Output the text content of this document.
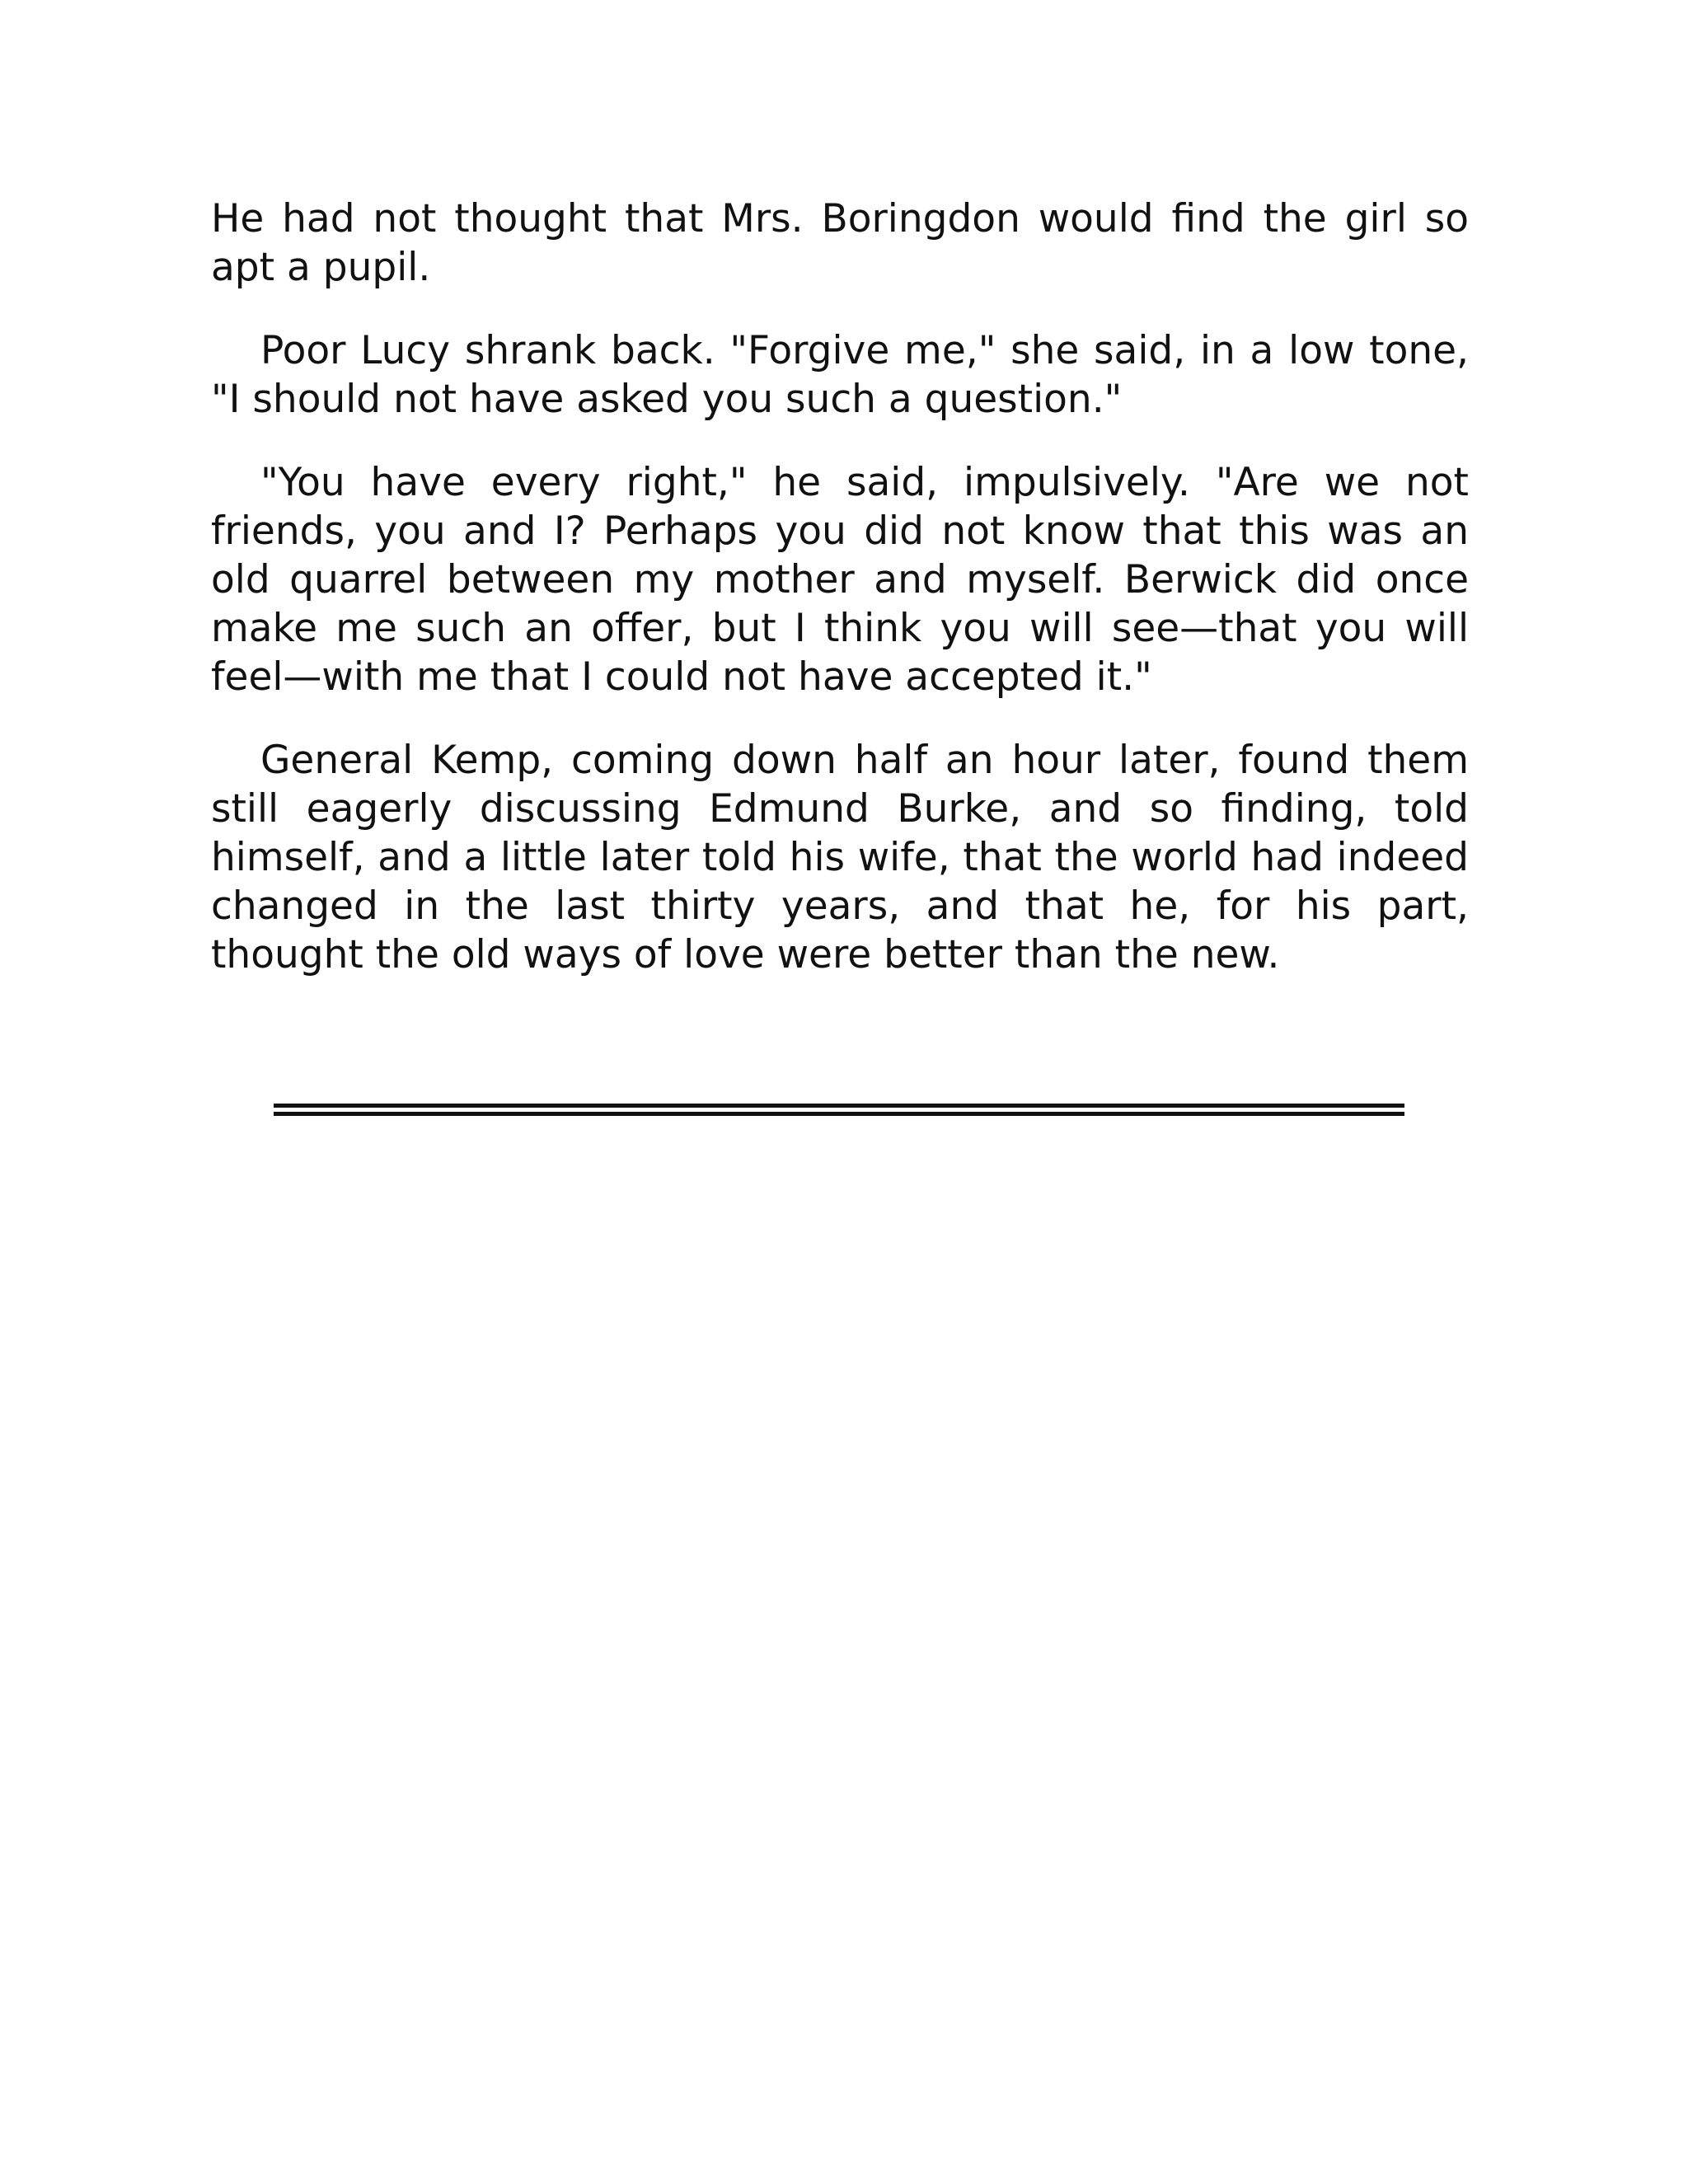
He had not thought that Mrs. Boringdon would find the girl so apt a pupil.

Poor Lucy shrank back. "Forgive me," she said, in a low tone, "I should not have asked you such a question."

"You have every right," he said, impulsively. "Are we not friends, you and I? Perhaps you did not know that this was an old quarrel between my mother and myself. Berwick did once make me such an offer, but I think you will see—that you will feel—with me that I could not have accepted it."

General Kemp, coming down half an hour later, found them still eagerly discussing Edmund Burke, and so finding, told himself, and a little later told his wife, that the world had indeed changed in the last thirty years, and that he, for his part, thought the old ways of love were better than the new.
